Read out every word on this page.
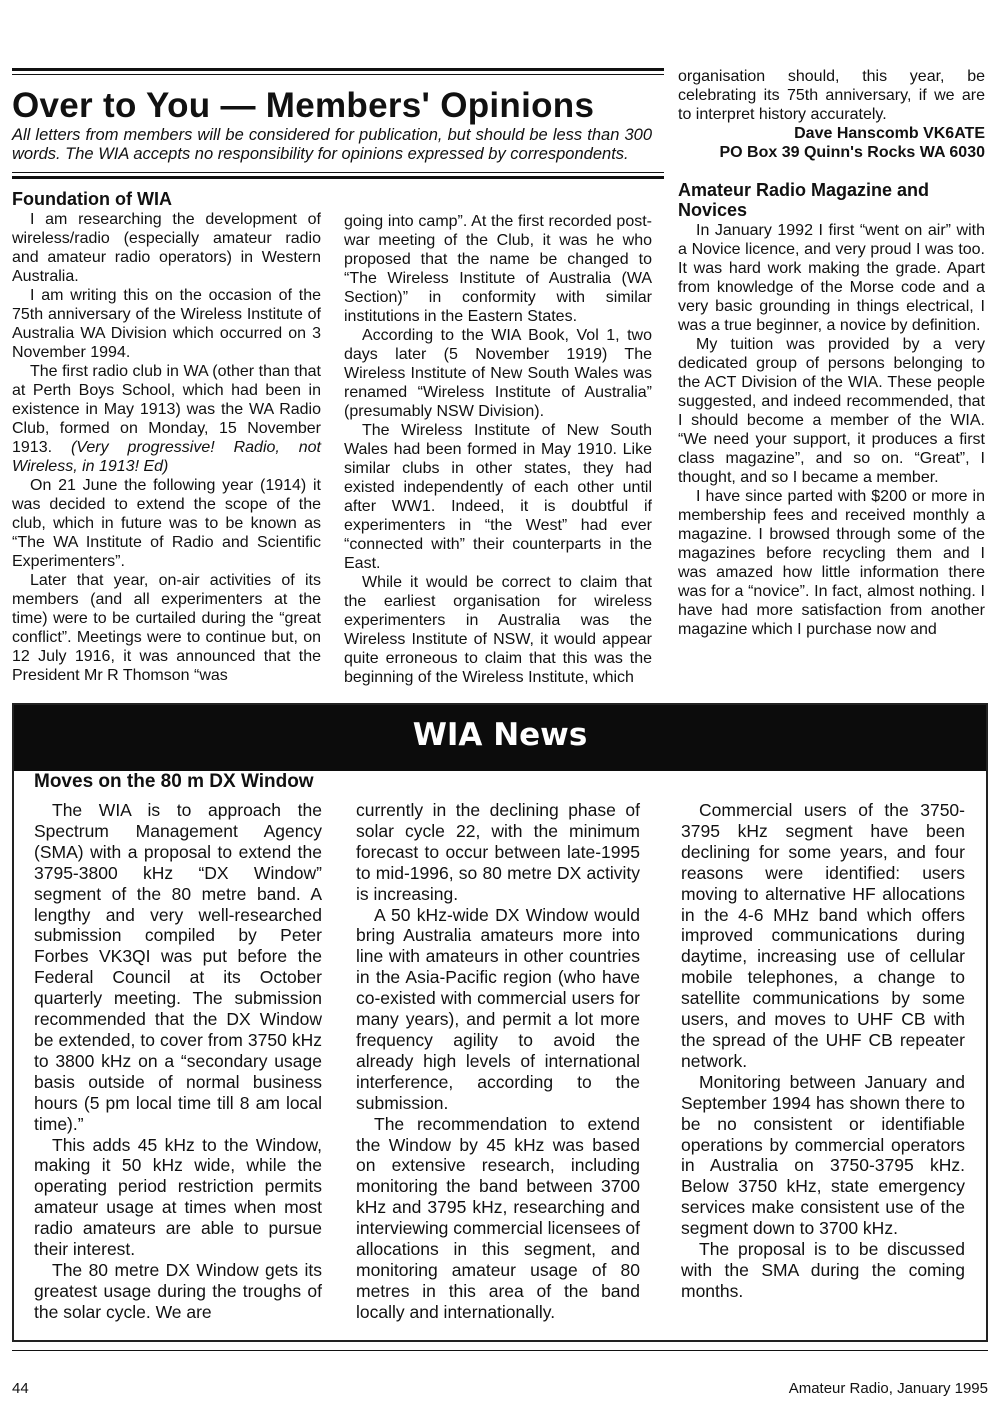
Over to You — Members' Opinions
All letters from members will be considered for publication, but should be less than 300 words. The WIA accepts no responsibility for opinions expressed by correspondents.
Foundation of WIA

I am researching the development of wireless/radio (especially amateur radio and amateur radio operators) in Western Australia.

I am writing this on the occasion of the 75th anniversary of the Wireless Institute of Australia WA Division which occurred on 3 November 1994.

The first radio club in WA (other than that at Perth Boys School, which had been in existence in May 1913) was the WA Radio Club, formed on Monday, 15 November 1913. (Very progressive! Radio, not Wireless, in 1913! Ed)

On 21 June the following year (1914) it was decided to extend the scope of the club, which in future was to be known as “The WA Institute of Radio and Scientific Experimenters”.

Later that year, on-air activities of its members (and all experimenters at the time) were to be curtailed during the “great conflict”. Meetings were to continue but, on 12 July 1916, it was announced that the President Mr R Thomson “was

going into camp”. At the first recorded post-war meeting of the Club, it was he who proposed that the name be changed to “The Wireless Institute of Australia (WA Section)” in conformity with similar institutions in the Eastern States.

According to the WIA Book, Vol 1, two days later (5 November 1919) The Wireless Institute of New South Wales was renamed “Wireless Institute of Australia” (presumably NSW Division).

The Wireless Institute of New South Wales had been formed in May 1910. Like similar clubs in other states, they had existed independently of each other until after WW1. Indeed, it is doubtful if experimenters in “the West” had ever “connected with” their counterparts in the East.

While it would be correct to claim that the earliest organisation for wireless experimenters in Australia was the Wireless Institute of NSW, it would appear quite erroneous to claim that this was the beginning of the Wireless Institute, which

organisation should, this year, be celebrating its 75th anniversary, if we are to interpret history accurately.

Dave Hanscomb VK6ATE

PO Box 39 Quinn's Rocks WA 6030

Amateur Radio Magazine and Novices

In January 1992 I first “went on air” with a Novice licence, and very proud I was too. It was hard work making the grade. Apart from knowledge of the Morse code and a very basic grounding in things electrical, I was a true beginner, a novice by definition.

My tuition was provided by a very dedicated group of persons belonging to the ACT Division of the WIA. These people suggested, and indeed recommended, that I should become a member of the WIA. “We need your support, it produces a first class magazine”, and so on. “Great”, I thought, and so I became a member.

I have since parted with $200 or more in membership fees and received monthly a magazine. I browsed through some of the magazines before recycling them and I was amazed how little information there was for a “novice”. In fact, almost nothing. I have had more satisfaction from another magazine which I purchase now and

WIA News
Moves on the 80 m DX Window

The WIA is to approach the Spectrum Management Agency (SMA) with a proposal to extend the 3795-3800 kHz “DX Window” segment of the 80 metre band. A lengthy and very well-researched submission compiled by Peter Forbes VK3QI was put before the Federal Council at its October quarterly meeting. The submission recommended that the DX Window be extended, to cover from 3750 kHz to 3800 kHz on a “secondary usage basis outside of normal business hours (5 pm local time till 8 am local time).”

This adds 45 kHz to the Window, making it 50 kHz wide, while the operating period restriction permits amateur usage at times when most radio amateurs are able to pursue their interest.

The 80 metre DX Window gets its greatest usage during the troughs of the solar cycle. We are

currently in the declining phase of solar cycle 22, with the minimum forecast to occur between late-1995 to mid-1996, so 80 metre DX activity is increasing.

A 50 kHz-wide DX Window would bring Australia amateurs more into line with amateurs in other countries in the Asia-Pacific region (who have co-existed with commercial users for many years), and permit a lot more frequency agility to avoid the already high levels of international interference, according to the submission.

The recommendation to extend the Window by 45 kHz was based on extensive research, including monitoring the band between 3700 kHz and 3795 kHz, researching and interviewing commercial licensees of allocations in this segment, and monitoring amateur usage of 80 metres in this area of the band locally and internationally.

Commercial users of the 3750-3795 kHz segment have been declining for some years, and four reasons were identified: users moving to alternative HF allocations in the 4-6 MHz band which offers improved communications during daytime, increasing use of cellular mobile telephones, a change to satellite communications by some users, and moves to UHF CB with the spread of the UHF CB repeater network.

Monitoring between January and September 1994 has shown there to be no consistent or identifiable operations by commercial operators in Australia on 3750-3795 kHz. Below 3750 kHz, state emergency services make consistent use of the segment down to 3700 kHz.

The proposal is to be discussed with the SMA during the coming months.

44	Amateur Radio, January 1995
